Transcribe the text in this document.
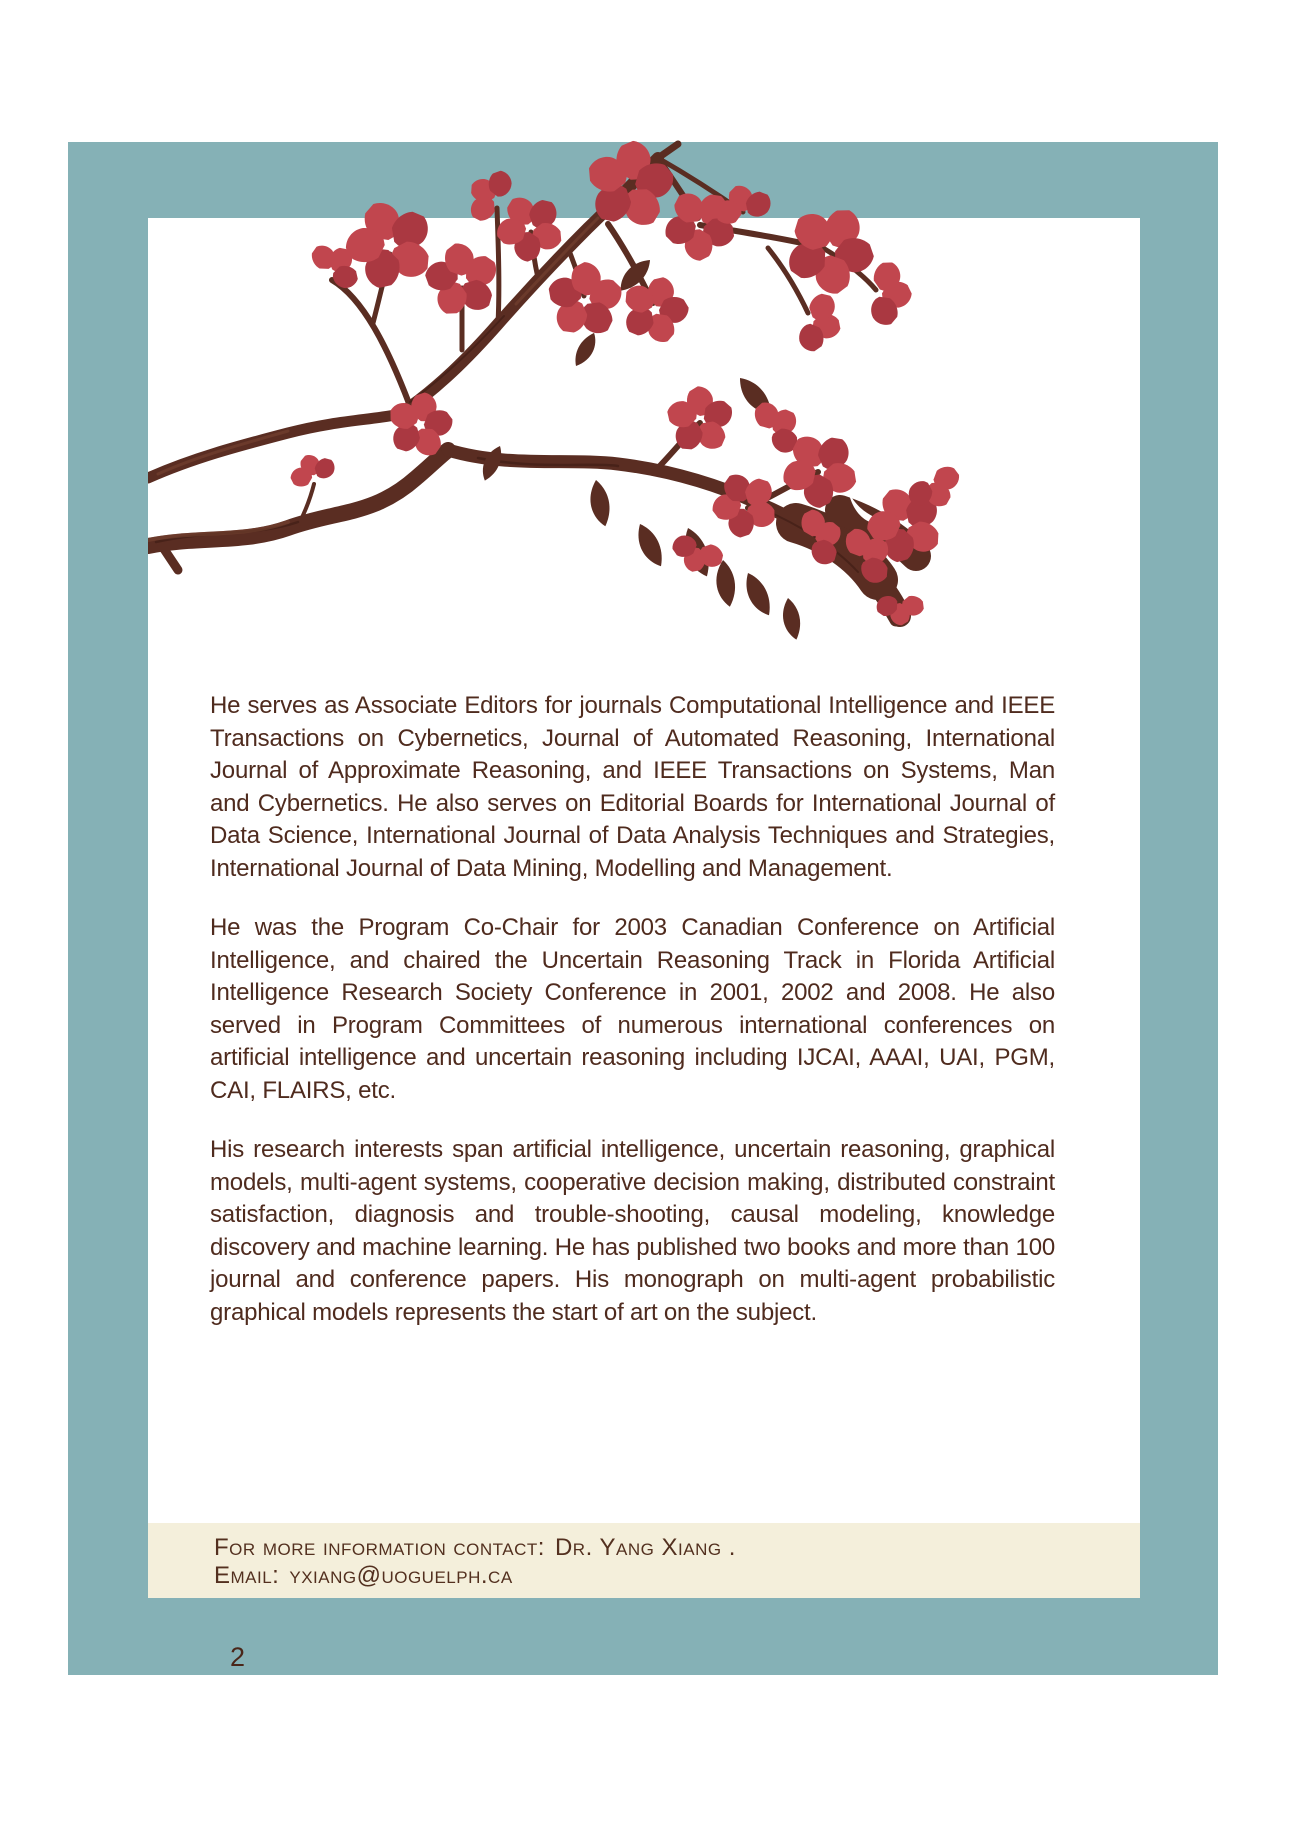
He serves as Associate Editors for journals Computational Intelligence and IEEE Transactions on Cybernetics, Journal of Automated Reasoning, International Journal of Approximate Reasoning, and IEEE Transactions on Systems, Man and Cybernetics. He also serves on Editorial Boards for International Journal of Data Science, International Journal of Data Analysis Techniques and Strategies, International Journal of Data Mining, Modelling and Management.

He was the Program Co-Chair for 2003 Canadian Conference on Artificial Intelligence, and chaired the Uncertain Reasoning Track in Florida Artificial Intelligence Research Society Conference in 2001, 2002 and 2008. He also served in Program Committees of numerous international conferences on artificial intelligence and uncertain reasoning including IJCAI, AAAI, UAI, PGM, CAI, FLAIRS, etc.

His research interests span artificial intelligence, uncertain reasoning, graphical models, multi-agent systems, cooperative decision making, distributed constraint satisfaction, diagnosis and trouble-shooting, causal modeling, knowledge discovery and machine learning. He has published two books and more than 100 journal and conference papers. His monograph on multi-agent probabilistic graphical models represents the start of art on the subject.

For more information contact: Dr. Yang Xiang .
Email: yxiang@uoguelph.ca
2
